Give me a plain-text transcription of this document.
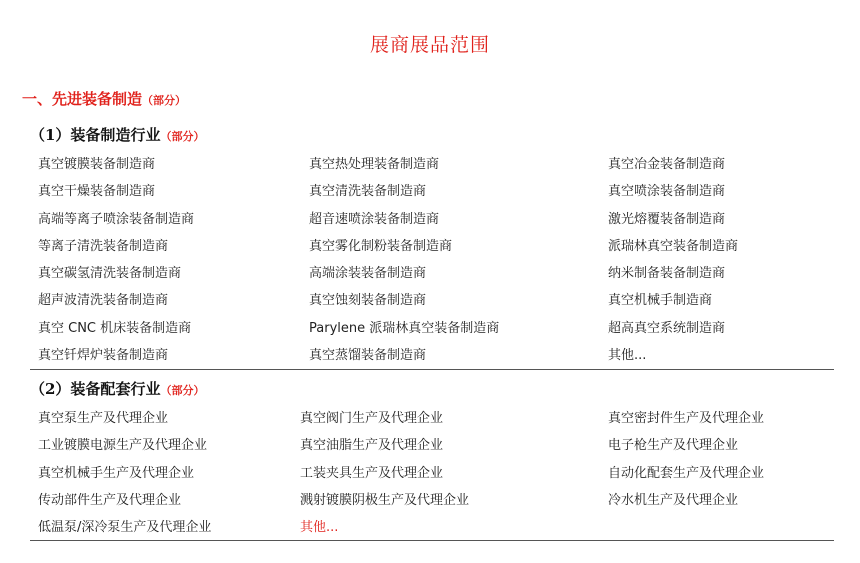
展商展品范围
一、先进装备制造（部分）
（1）装备制造行业（部分）
真空镀膜装备制造商	真空热处理装备制造商	真空冶金装备制造商
真空干燥装备制造商	真空清洗装备制造商	真空喷涂装备制造商
高端等离子喷涂装备制造商	超音速喷涂装备制造商	激光熔覆装备制造商
等离子清洗装备制造商	真空雾化制粉装备制造商	派瑞林真空装备制造商
真空碳氢清洗装备制造商	高端涂装装备制造商	纳米制备装备制造商
超声波清洗装备制造商	真空蚀刻装备制造商	真空机械手制造商
真空 CNC 机床装备制造商	Parylene 派瑞林真空装备制造商	超高真空系统制造商
真空钎焊炉装备制造商	真空蒸馏装备制造商	其他...
（2）装备配套行业（部分）
真空泵生产及代理企业	真空阀门生产及代理企业	真空密封件生产及代理企业
工业镀膜电源生产及代理企业	真空油脂生产及代理企业	电子枪生产及代理企业
真空机械手生产及代理企业	工装夹具生产及代理企业	自动化配套生产及代理企业
传动部件生产及代理企业	溅射镀膜阴极生产及代理企业	冷水机生产及代理企业
低温泵/深冷泵生产及代理企业	其他...
